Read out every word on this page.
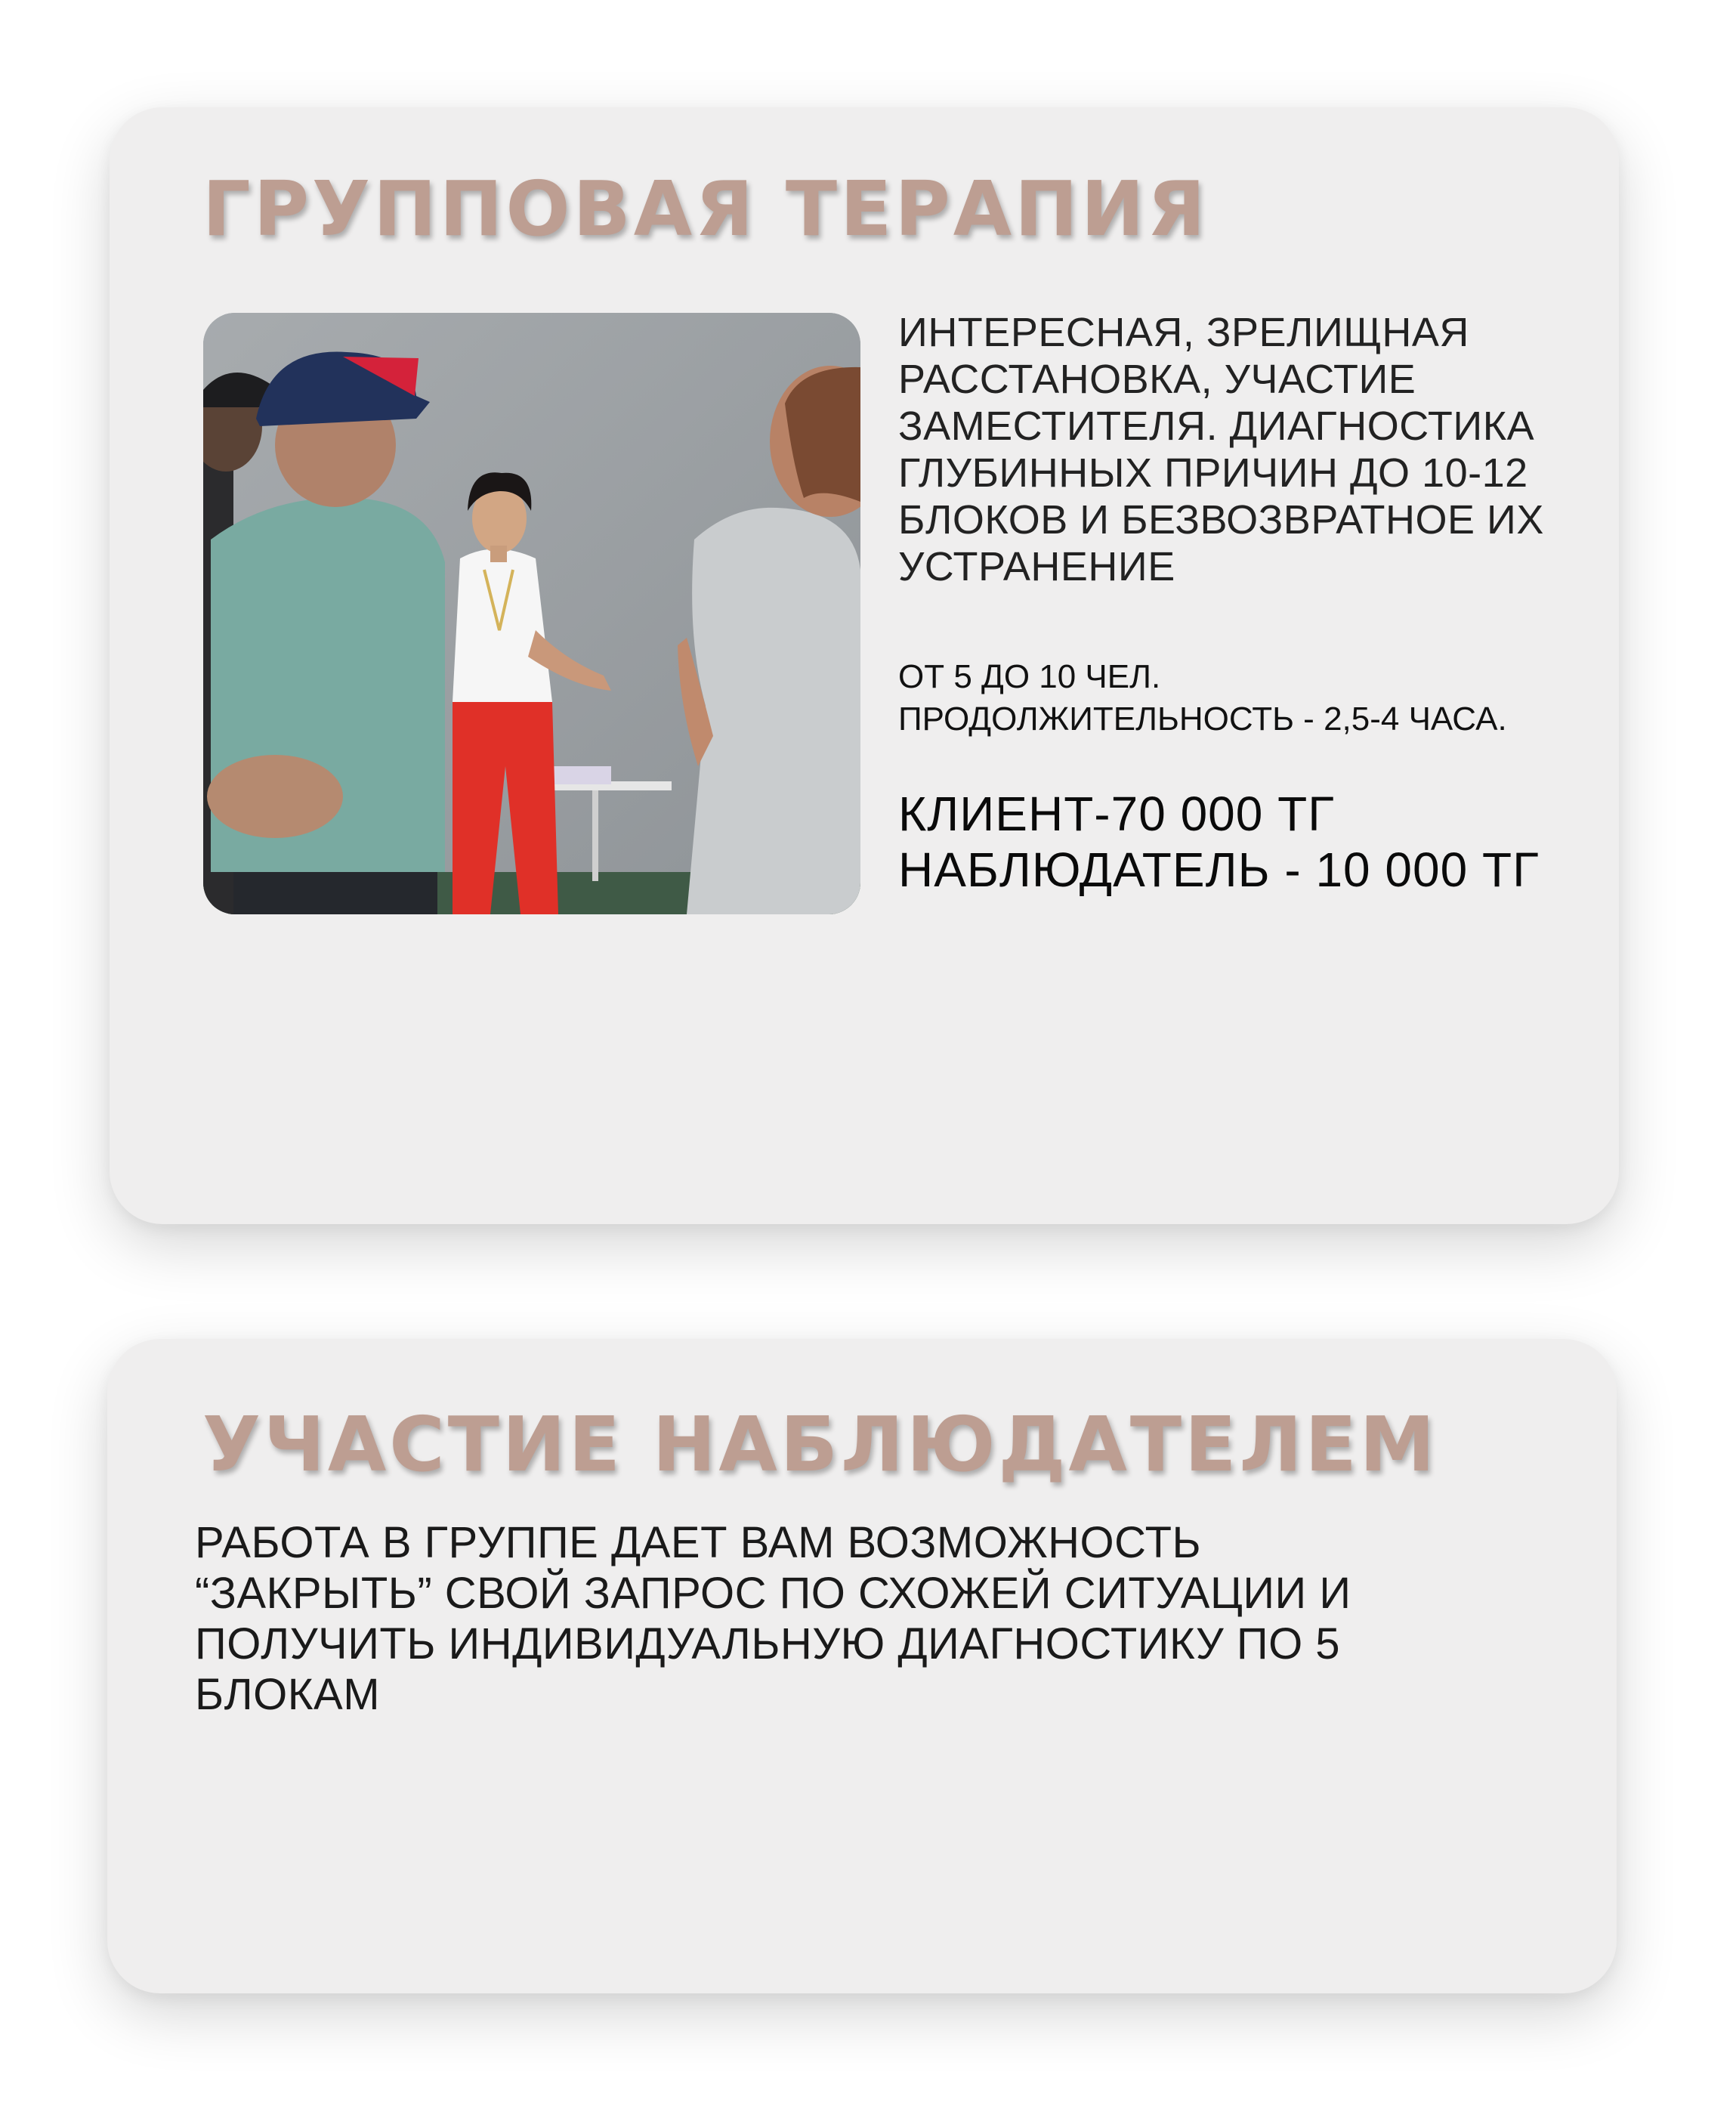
ГРУППОВАЯ ТЕРАПИЯ

ИНТЕРЕСНАЯ, ЗРЕЛИЩНАЯ РАССТАНОВКА, УЧАСТИЕ ЗАМЕСТИТЕЛЯ. ДИАГНОСТИКА ГЛУБИННЫХ ПРИЧИН ДО 10-12 БЛОКОВ И БЕЗВОЗВРАТНОЕ ИХ УСТРАНЕНИЕ

ОТ 5 ДО 10 ЧЕЛ.
ПРОДОЛЖИТЕЛЬНОСТЬ - 2,5-4 ЧАСА.
КЛИЕНТ-70 000 ТГ
НАБЛЮДАТЕЛЬ - 10 000 ТГ
УЧАСТИЕ НАБЛЮДАТЕЛЕМ

РАБОТА В ГРУППЕ ДАЕТ ВАМ ВОЗМОЖНОСТЬ “ЗАКРЫТЬ” СВОЙ ЗАПРОС ПО СХОЖЕЙ СИТУАЦИИ И ПОЛУЧИТЬ ИНДИВИДУАЛЬНУЮ ДИАГНОСТИКУ ПО 5 БЛОКАМ
